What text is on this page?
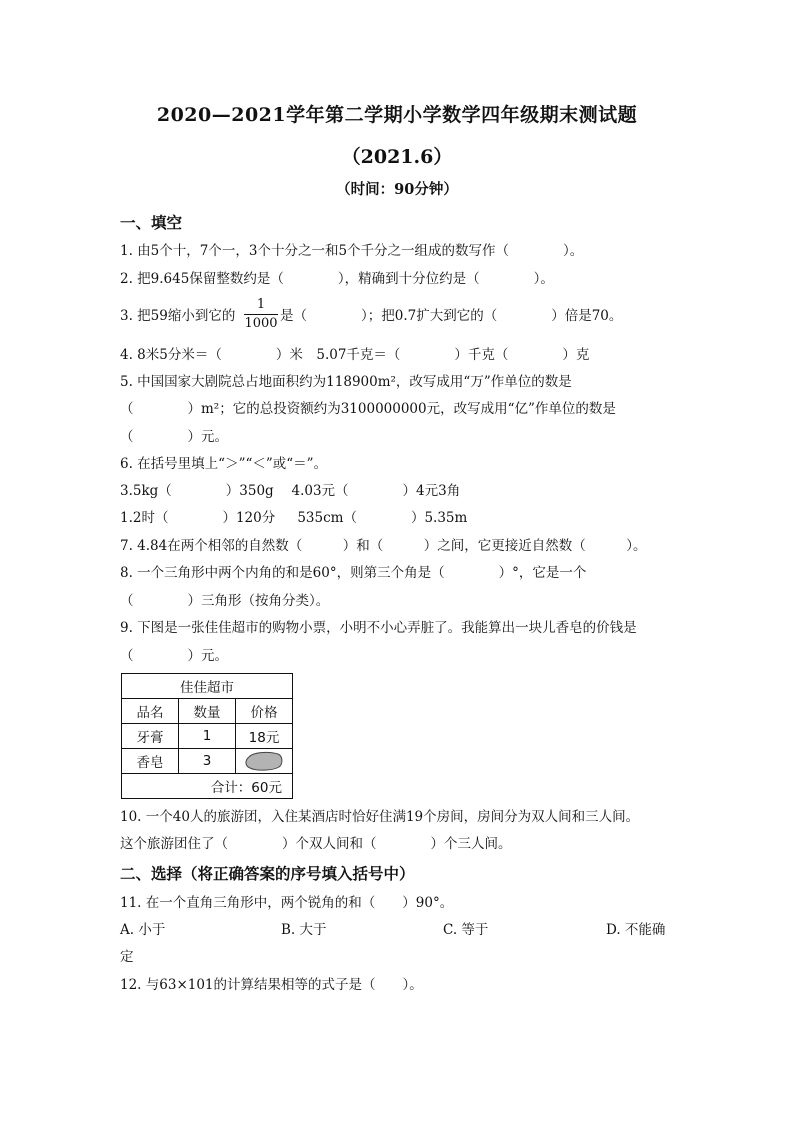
2020—2021学年第二学期小学数学四年级期末测试题
（2021.6）
（时间：90分钟）
一、填空
1. 由5个十，7个一，3个十分之一和5个千分之一组成的数写作（　　　　）。
2. 把9.645保留整数约是（　　　　），精确到十分位约是（　　　　）。
3. 把59缩小到它的 $\frac{1}{1000}$ 是（　　　　）；把0.7扩大到它的（　　　　）倍是70。
4. 8米5分米＝（　　　　）米　5.07千克＝（　　　　）千克（　　　　）克
5. 中国国家大剧院总占地面积约为118900m²，改写成用“万”作单位的数是
（　　　　）m²；它的总投资额约为3100000000元，改写成用“亿”作单位的数是
（　　　　）元。
6. 在括号里填上“＞”“＜”或“＝”。
3.5kg（　　　　）350g　 4.03元（　　　　）4元3角
1.2时（　　　　）120分　  535cm（　　　　）5.35m
7. 4.84在两个相邻的自然数（　　　）和（　　　）之间，它更接近自然数（　　　）。
8. 一个三角形中两个内角的和是60°，则第三个角是（　　　　）°，它是一个
（　　　　）三角形（按角分类）。
9. 下图是一张佳佳超市的购物小票，小明不小心弄脏了。我能算出一块儿香皂的价钱是
（　　　　）元。
佳佳超市		
品名	数量	价格
牙膏	1	18元
香皂	3	

合计：60元		
10. 一个40人的旅游团，入住某酒店时恰好住满19个房间，房间分为双人间和三人间。
这个旅游团住了（　　　　）个双人间和（　　　　）个三人间。
二、选择（将正确答案的序号填入括号中）
11. 在一个直角三角形中，两个锐角的和（　　）90°。
A. 小于	B. 大于	C. 等于	D. 不能确
定
12. 与63×101的计算结果相等的式子是（　　）。
